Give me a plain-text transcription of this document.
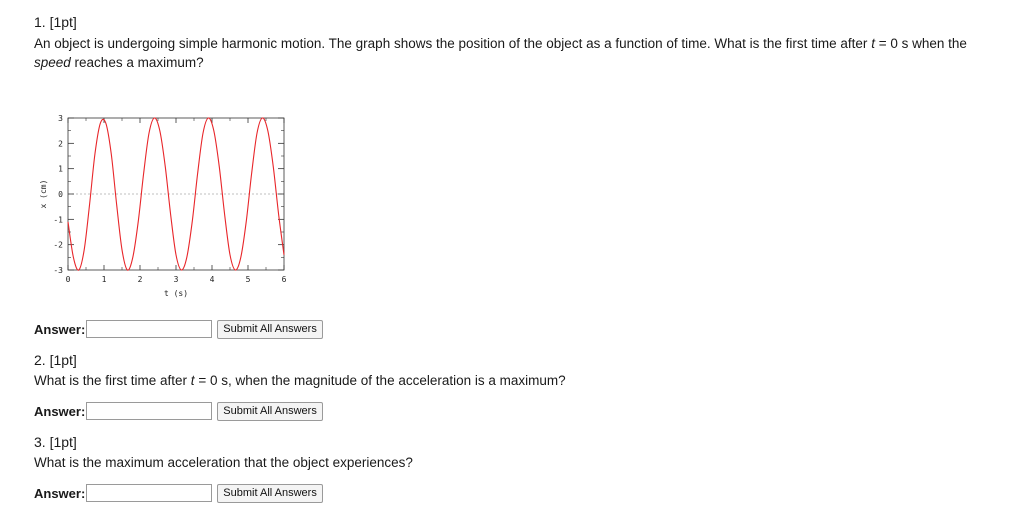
1. [1pt]
An object is undergoing simple harmonic motion. The graph shows the position of the object as a function of time. What is the first time after t = 0 s when the speed reaches a maximum?
0	1	2	3	4	5	6
-3
-2
-1
0
1
2
3
t (s)
x (cm)
Answer:	Submit All Answers
2. [1pt]
What is the first time after t = 0 s, when the magnitude of the acceleration is a maximum?
Answer:	Submit All Answers
3. [1pt]
What is the maximum acceleration that the object experiences?
Answer:	Submit All Answers
